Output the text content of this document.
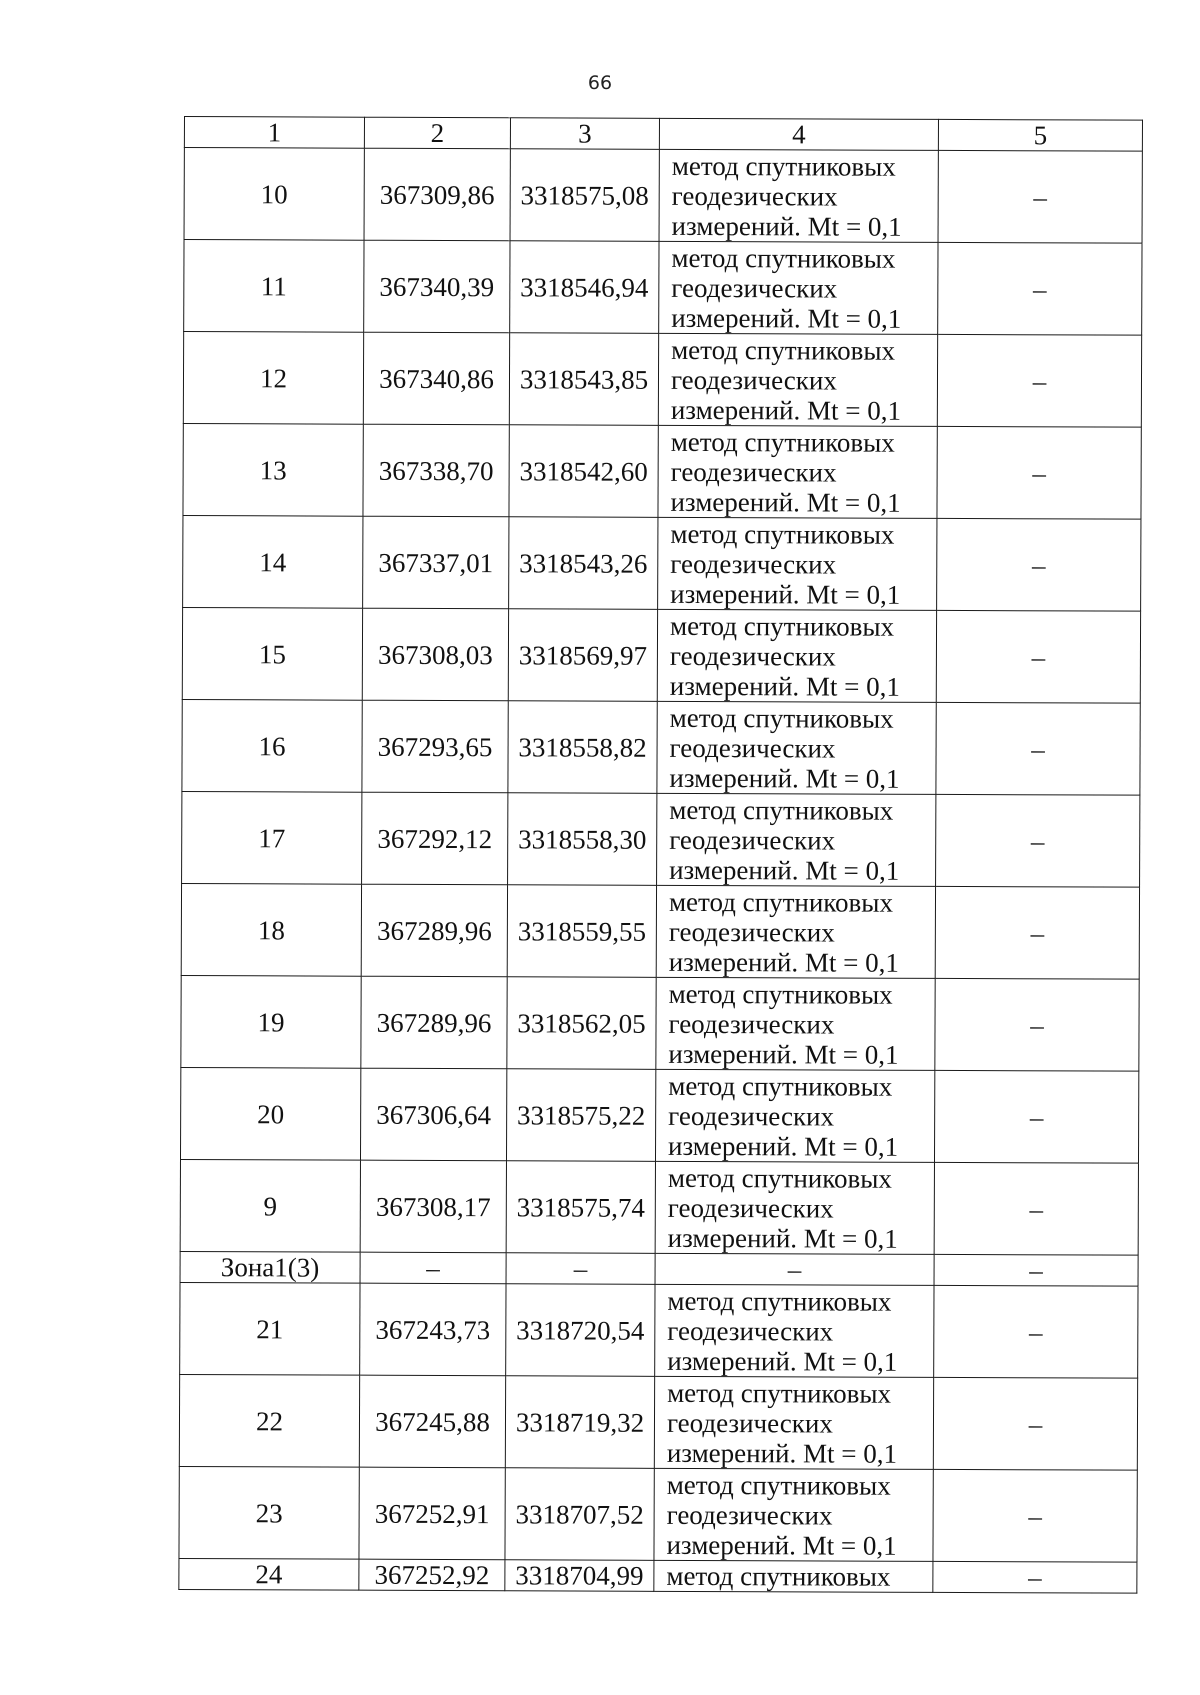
66
1	2	3	4	5
10	367309,86	3318575,08	метод спутниковых
геодезических
измерений. Mt = 0,1	–
11	367340,39	3318546,94	метод спутниковых
геодезических
измерений. Mt = 0,1	–
12	367340,86	3318543,85	метод спутниковых
геодезических
измерений. Mt = 0,1	–
13	367338,70	3318542,60	метод спутниковых
геодезических
измерений. Mt = 0,1	–
14	367337,01	3318543,26	метод спутниковых
геодезических
измерений. Mt = 0,1	–
15	367308,03	3318569,97	метод спутниковых
геодезических
измерений. Mt = 0,1	–
16	367293,65	3318558,82	метод спутниковых
геодезических
измерений. Mt = 0,1	–
17	367292,12	3318558,30	метод спутниковых
геодезических
измерений. Mt = 0,1	–
18	367289,96	3318559,55	метод спутниковых
геодезических
измерений. Mt = 0,1	–
19	367289,96	3318562,05	метод спутниковых
геодезических
измерений. Mt = 0,1	–
20	367306,64	3318575,22	метод спутниковых
геодезических
измерений. Mt = 0,1	–
9	367308,17	3318575,74	метод спутниковых
геодезических
измерений. Mt = 0,1	–
Зона1(3)	–	–	–	–
21	367243,73	3318720,54	метод спутниковых
геодезических
измерений. Mt = 0,1	–
22	367245,88	3318719,32	метод спутниковых
геодезических
измерений. Mt = 0,1	–
23	367252,91	3318707,52	метод спутниковых
геодезических
измерений. Mt = 0,1	–
24	367252,92	3318704,99	метод спутниковых	–
